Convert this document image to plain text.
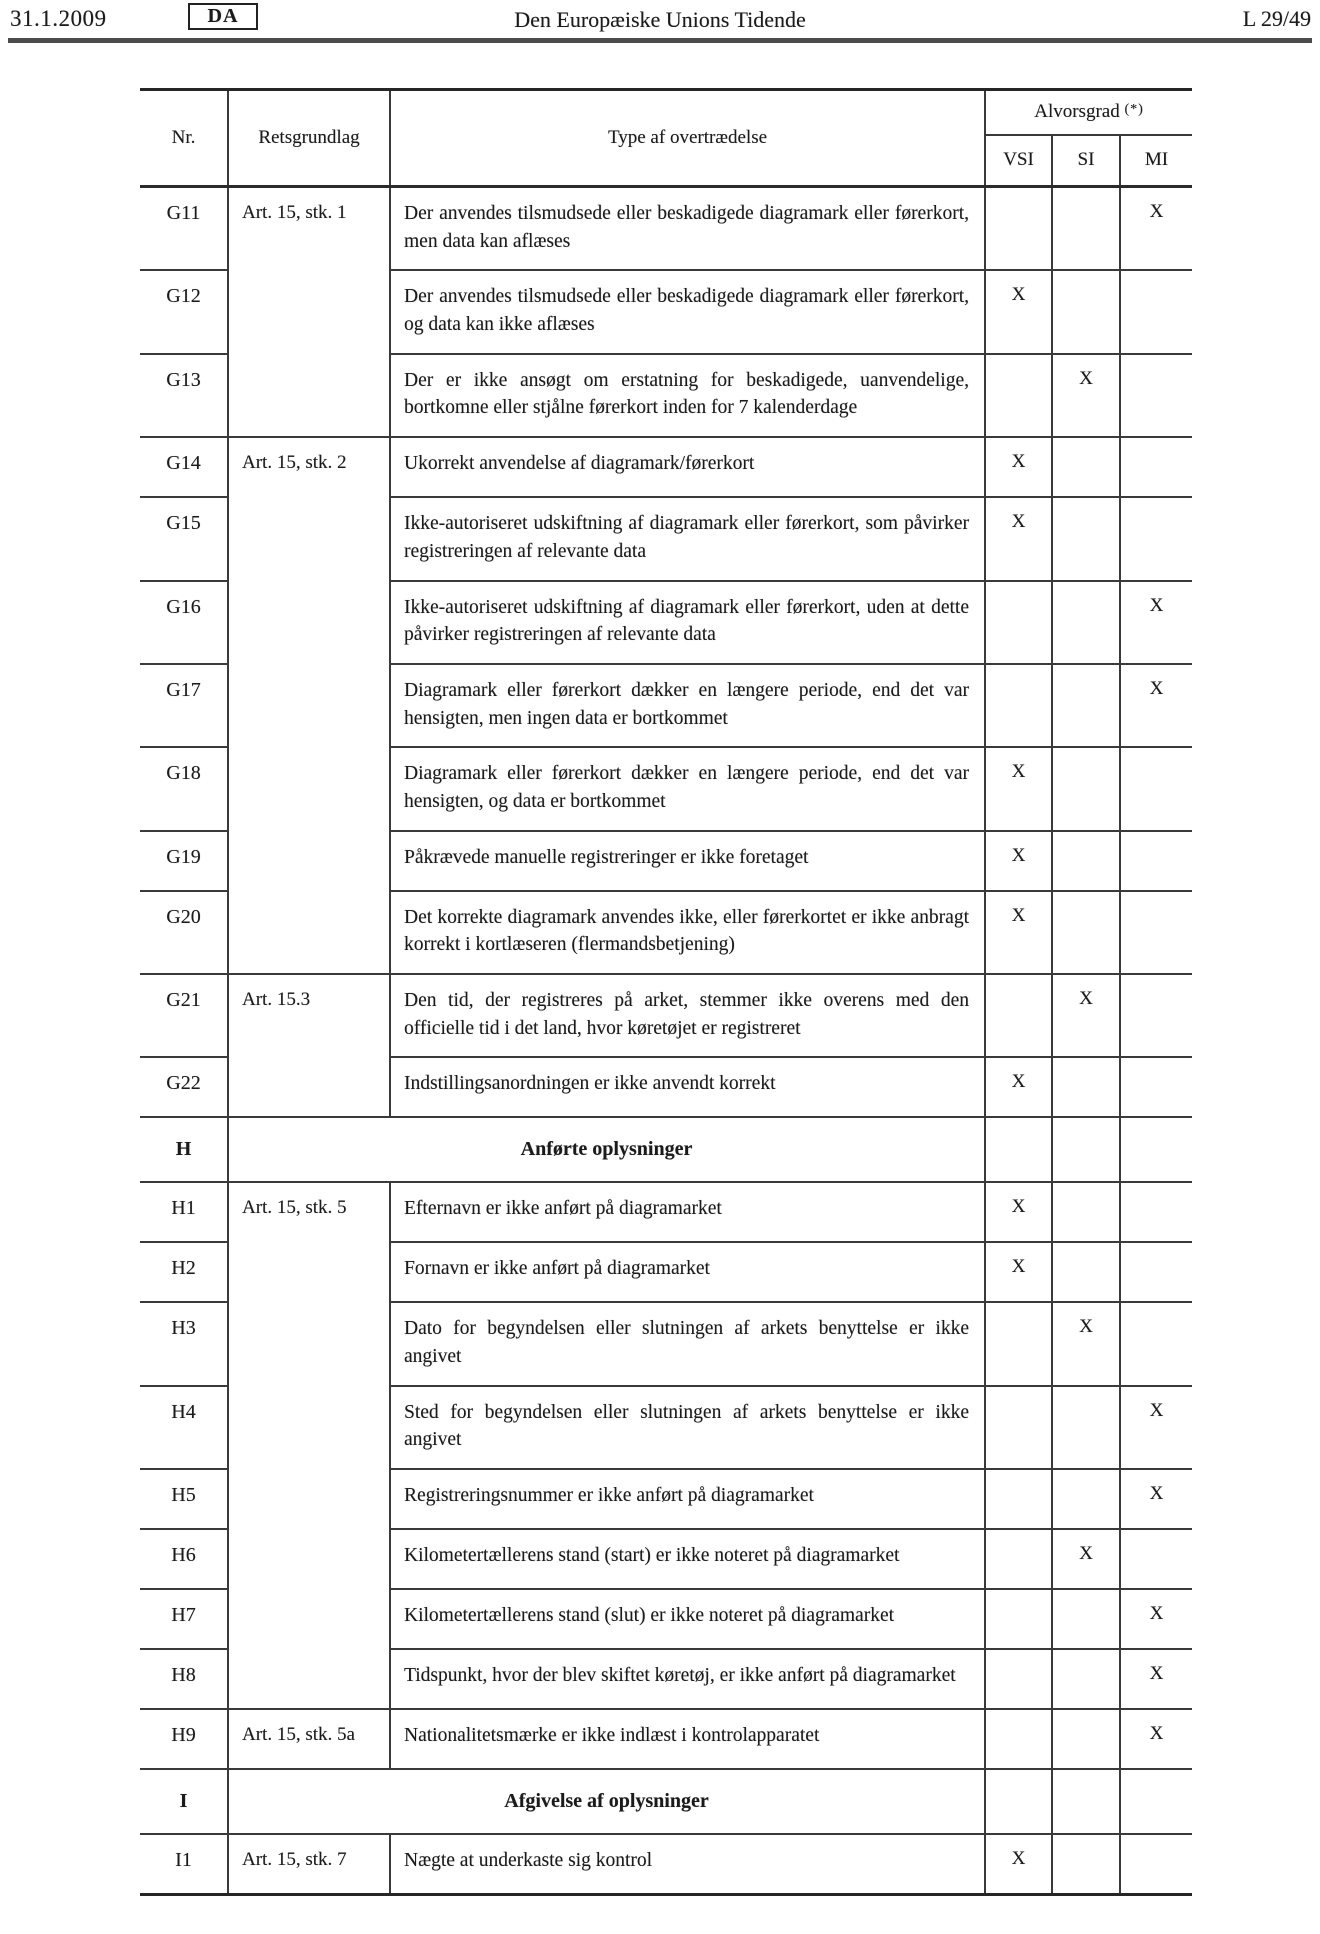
31.1.2009	DA	Den Europæiske Unions Tidende	L 29/49
Nr.	Retsgrundlag	Type af overtrædelse	Alvorsgrad (*)
			VSI	SI	MI
G11	Art. 15, stk. 1	Der anvendes tilsmudsede eller beskadigede diagramark eller førerkort, men data kan aflæses			X
G12		Der anvendes tilsmudsede eller beskadigede diagramark eller førerkort, og data kan ikke aflæses	X		
G13		Der er ikke ansøgt om erstatning for beskadigede, uanvendelige, bortkomne eller stjålne førerkort inden for 7 kalenderdage		X	
G14	Art. 15, stk. 2	Ukorrekt anvendelse af diagramark/førerkort	X		
G15		Ikke-autoriseret udskiftning af diagramark eller førerkort, som påvirker registreringen af relevante data	X		
G16		Ikke-autoriseret udskiftning af diagramark eller førerkort, uden at dette påvirker registreringen af relevante data			X
G17		Diagramark eller førerkort dækker en længere periode, end det var hensigten, men ingen data er bortkommet			X
G18		Diagramark eller førerkort dækker en længere periode, end det var hensigten, og data er bortkommet	X		
G19		Påkrævede manuelle registreringer er ikke foretaget	X		
G20		Det korrekte diagramark anvendes ikke, eller førerkortet er ikke anbragt korrekt i kortlæseren (flermandsbetjening)	X		
G21	Art. 15.3	Den tid, der registreres på arket, stemmer ikke overens med den officielle tid i det land, hvor køretøjet er registreret		X	
G22		Indstillingsanordningen er ikke anvendt korrekt	X		
H	Anførte oplysninger				
H1	Art. 15, stk. 5	Efternavn er ikke anført på diagramarket	X		
H2		Fornavn er ikke anført på diagramarket	X		
H3		Dato for begyndelsen eller slutningen af arkets benyttelse er ikke angivet		X	
H4		Sted for begyndelsen eller slutningen af arkets benyttelse er ikke angivet			X
H5		Registreringsnummer er ikke anført på diagramarket			X
H6		Kilometertællerens stand (start) er ikke noteret på diagramarket		X	
H7		Kilometertællerens stand (slut) er ikke noteret på diagramarket			X
H8		Tidspunkt, hvor der blev skiftet køretøj, er ikke anført på diagramarket			X
H9	Art. 15, stk. 5a	Nationalitetsmærke er ikke indlæst i kontrolapparatet			X
I	Afgivelse af oplysninger				
I1	Art. 15, stk. 7	Nægte at underkaste sig kontrol	X		
